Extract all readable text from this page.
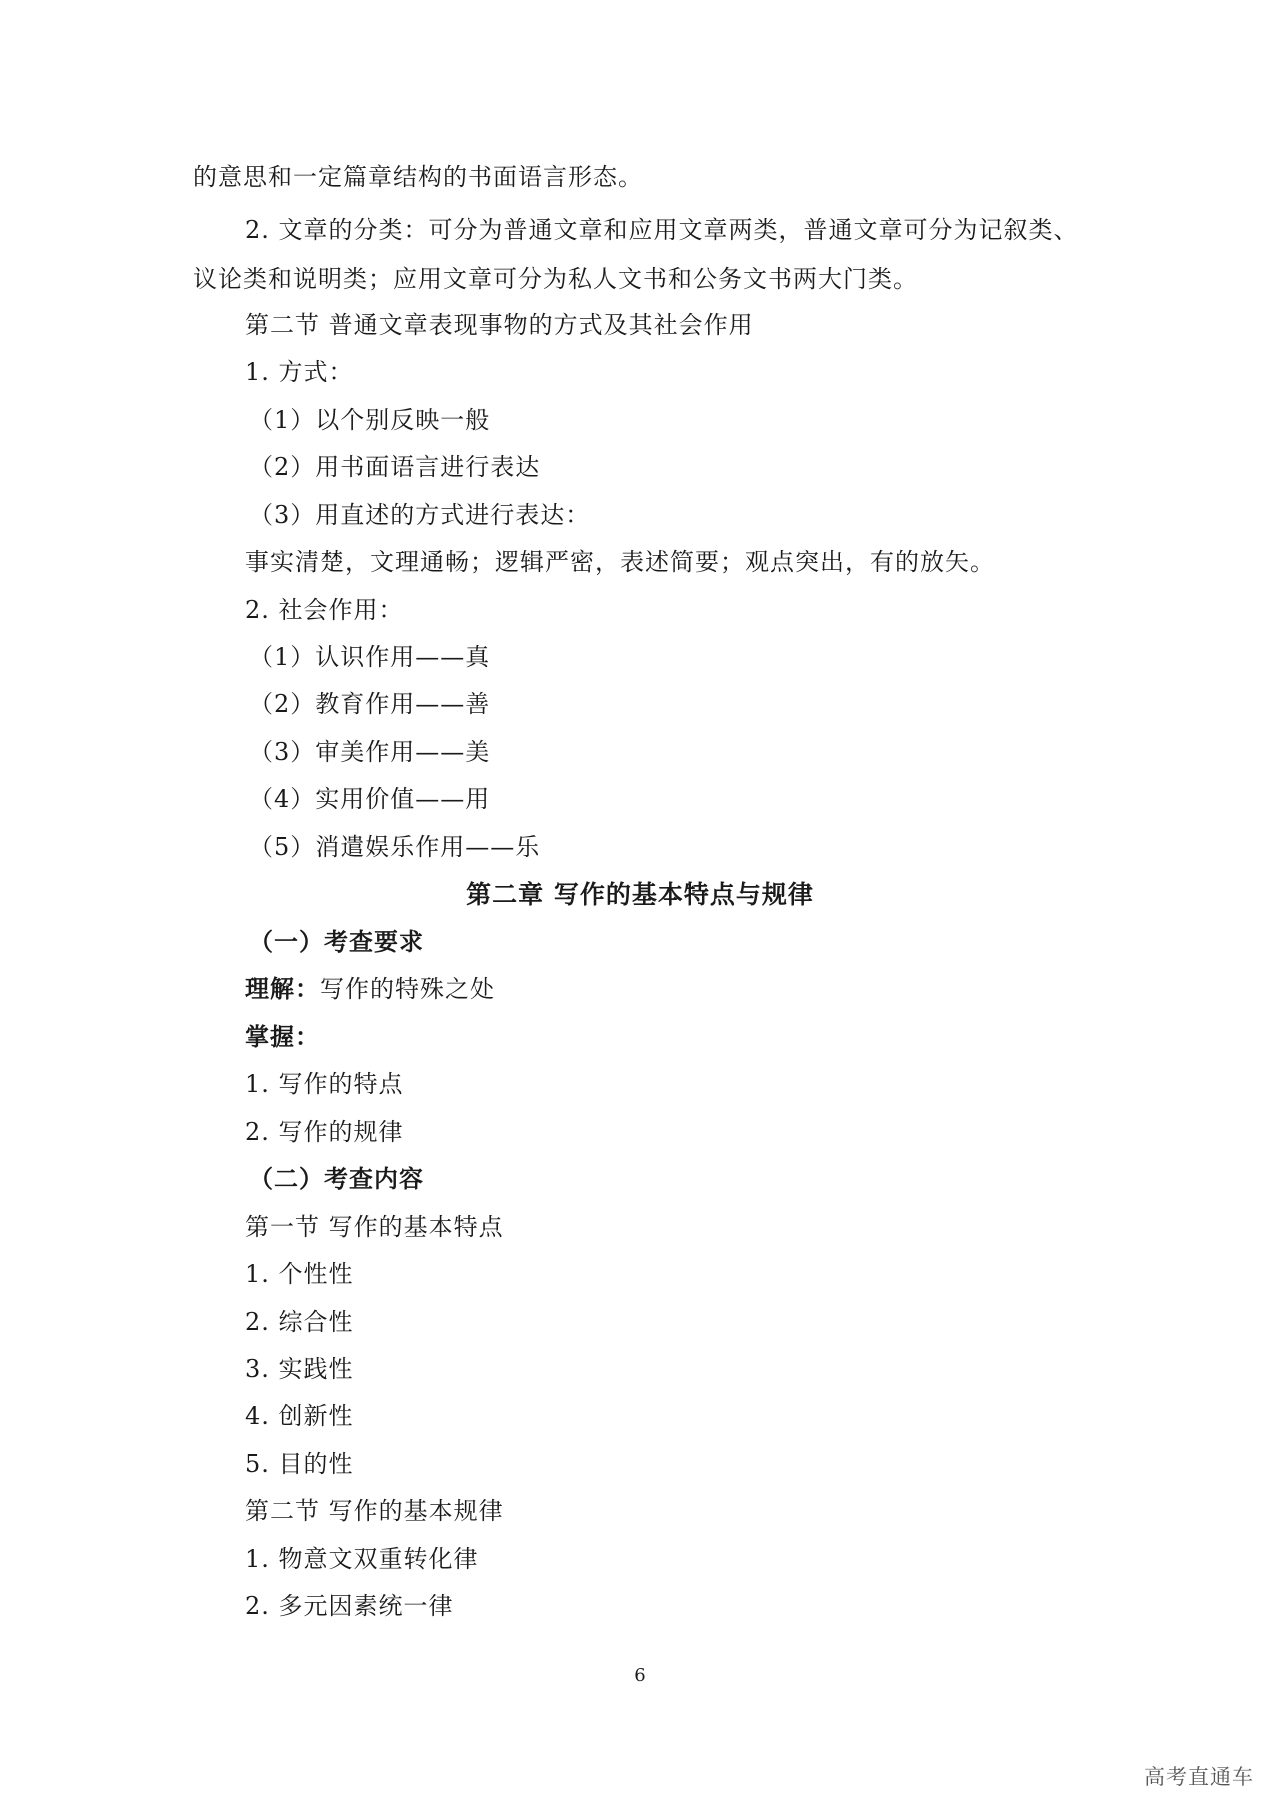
的意思和一定篇章结构的书面语言形态。
2. 文章的分类：可分为普通文章和应用文章两类，普通文章可分为记叙类、
议论类和说明类；应用文章可分为私人文书和公务文书两大门类。
第二节 普通文章表现事物的方式及其社会作用
1. 方式：
（1）以个别反映一般
（2）用书面语言进行表达
（3）用直述的方式进行表达：
事实清楚，文理通畅；逻辑严密，表述简要；观点突出，有的放矢。
2. 社会作用：
（1）认识作用——真
（2）教育作用——善
（3）审美作用——美
（4）实用价值——用
（5）消遣娱乐作用——乐
第二章 写作的基本特点与规律
（一）考查要求
理解：写作的特殊之处
掌握：
1. 写作的特点
2. 写作的规律
（二）考查内容
第一节 写作的基本特点
1. 个性性
2. 综合性
3. 实践性
4. 创新性
5. 目的性
第二节 写作的基本规律
1. 物意文双重转化律
2. 多元因素统一律
6
高考直通车
